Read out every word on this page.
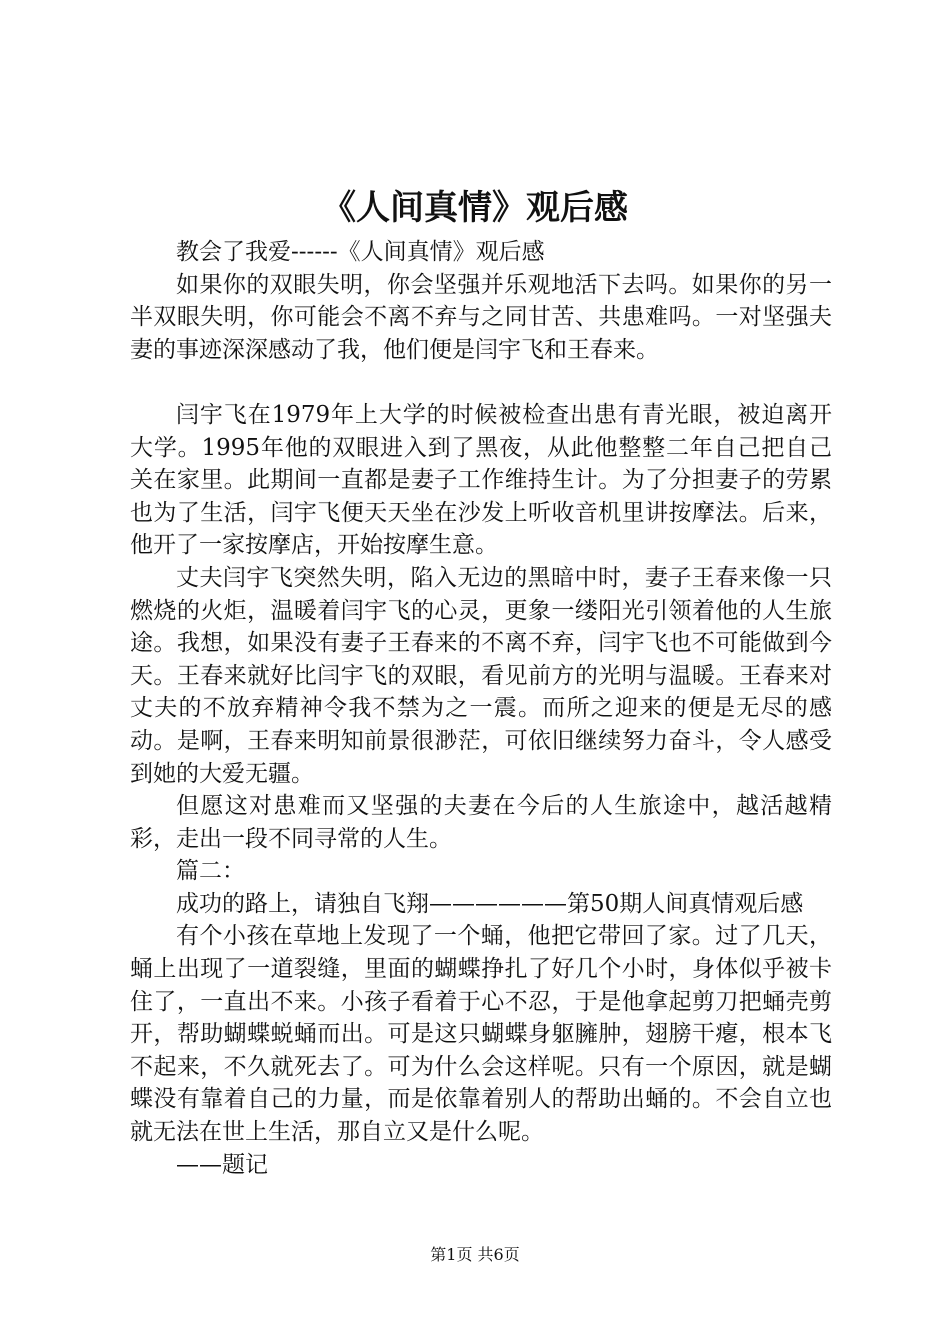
《人间真情》观后感

教会了我爱------《人间真情》观后感

如果你的双眼失明，你会坚强并乐观地活下去吗。如果你的另一半双眼失明，你可能会不离不弃与之同甘苦、共患难吗。一对坚强夫妻的事迹深深感动了我，他们便是闫宇飞和王春来。

闫宇飞在1979年上大学的时候被检查出患有青光眼，被迫离开大学。1995年他的双眼进入到了黑夜，从此他整整二年自己把自己关在家里。此期间一直都是妻子工作维持生计。为了分担妻子的劳累也为了生活，闫宇飞便天天坐在沙发上听收音机里讲按摩法。后来，他开了一家按摩店，开始按摩生意。

丈夫闫宇飞突然失明，陷入无边的黑暗中时，妻子王春来像一只燃烧的火炬，温暖着闫宇飞的心灵，更象一缕阳光引领着他的人生旅途。我想，如果没有妻子王春来的不离不弃，闫宇飞也不可能做到今天。王春来就好比闫宇飞的双眼，看见前方的光明与温暖。王春来对丈夫的不放弃精神令我不禁为之一震。而所之迎来的便是无尽的感动。是啊，王春来明知前景很渺茫，可依旧继续努力奋斗，令人感受到她的大爱无疆。

但愿这对患难而又坚强的夫妻在今后的人生旅途中，越活越精彩，走出一段不同寻常的人生。

篇二：

成功的路上，请独自飞翔——————第50期人间真情观后感

有个小孩在草地上发现了一个蛹，他把它带回了家。过了几天，蛹上出现了一道裂缝，里面的蝴蝶挣扎了好几个小时，身体似乎被卡住了，一直出不来。小孩子看着于心不忍，于是他拿起剪刀把蛹壳剪开，帮助蝴蝶蜕蛹而出。可是这只蝴蝶身躯臃肿，翅膀干瘪，根本飞不起来，不久就死去了。可为什么会这样呢。只有一个原因，就是蝴蝶没有靠着自己的力量，而是依靠着别人的帮助出蛹的。不会自立也就无法在世上生活，那自立又是什么呢。

——题记

第1页 共6页
